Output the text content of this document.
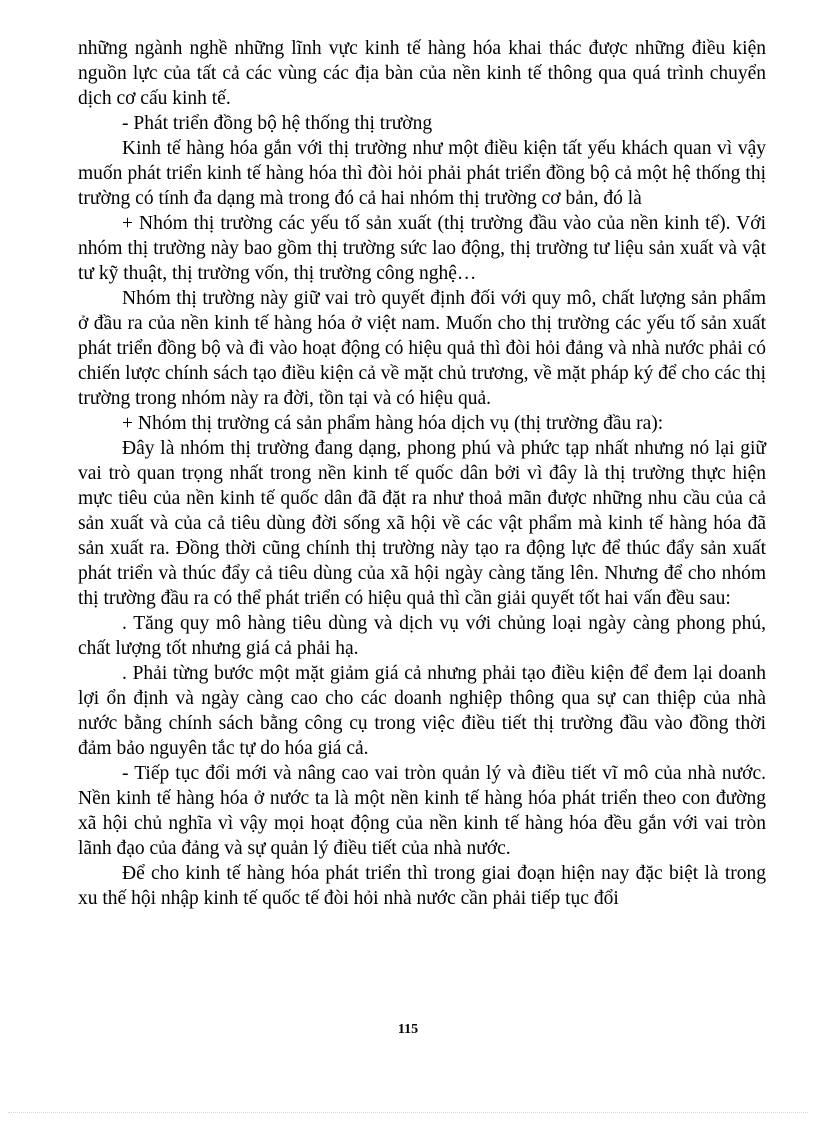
những ngành nghề những lĩnh vực kinh tế hàng hóa khai thác được những điều kiện nguồn lực của tất cả các vùng các địa bàn của nền kinh tế thông qua quá trình chuyển dịch cơ cấu kinh tế.

- Phát triển đồng bộ hệ thống thị trường

Kinh tế hàng hóa gắn với thị trường như một điều kiện tất yếu khách quan vì vậy muốn phát triển kinh tế hàng hóa thì đòi hỏi phải phát triển đồng bộ cả một hệ thống thị trường có tính đa dạng mà trong đó cả hai nhóm thị trường cơ bản, đó là

+ Nhóm thị trường các yếu tố sản xuất (thị trường đầu vào của nền kinh tế). Với nhóm thị trường này bao gồm thị trường sức lao động, thị trường tư liệu sản xuất và vật tư kỹ thuật, thị trường vốn, thị trường công nghệ…

Nhóm thị trường này giữ vai trò quyết định đối với quy mô, chất lượng sản phẩm ở đầu ra của nền kinh tế hàng hóa ở việt nam. Muốn cho thị trường các yếu tố sản xuất phát triển đồng bộ và đi vào hoạt động có hiệu quả thì đòi hỏi đảng và nhà nước phải có chiến lược chính sách tạo điều kiện cả về mặt chủ trương, về mặt pháp ký để cho các thị trường trong nhóm này ra đời, tồn tại và có hiệu quả.

+ Nhóm thị trường cá sản phẩm hàng hóa dịch vụ (thị trường đầu ra):

Đây là nhóm thị trường đang dạng, phong phú và phức tạp nhất nhưng nó lại giữ vai trò quan trọng nhất trong nền kinh tế quốc dân bởi vì đây là thị trường thực hiện mực tiêu của nền kinh tế quốc dân đã đặt ra như thoả mãn được những nhu cầu của cả sản xuất và của cả tiêu dùng đời sống xã hội về các vật phẩm mà kinh tế hàng hóa đã sản xuất ra. Đồng thời cũng chính thị trường này tạo ra động lực để thúc đẩy sản xuất phát triển và thúc đẩy cả tiêu dùng của xã hội ngày càng tăng lên. Nhưng để cho nhóm thị trường đầu ra có thể phát triển có hiệu quả thì cần giải quyết tốt hai vấn đều sau:

. Tăng quy mô hàng tiêu dùng và dịch vụ với chủng loại ngày càng phong phú, chất lượng tốt nhưng giá cả phải hạ.

. Phải từng bước một mặt giảm giá cả nhưng phải tạo điều kiện để đem lại doanh lợi ổn định và ngày càng cao cho các doanh nghiệp thông qua sự can thiệp của nhà nước bằng chính sách bằng công cụ trong việc điều tiết thị trường đầu vào đồng thời đảm bảo nguyên tắc tự do hóa giá cả.

- Tiếp tục đổi mới và nâng cao vai tròn quản lý và điều tiết vĩ mô của nhà nước. Nền kinh tế hàng hóa ở nước ta là một nền kinh tế hàng hóa phát triển theo con đường xã hội chủ nghĩa vì vậy mọi hoạt động của nền kinh tế hàng hóa đều gắn với vai tròn lãnh đạo của đảng và sự quản lý điều tiết của nhà nước.

Để cho kinh tế hàng hóa phát triển thì trong giai đoạn hiện nay đặc biệt là trong xu thế hội nhập kinh tế quốc tế đòi hỏi nhà nước cần phải tiếp tục đổi

115
